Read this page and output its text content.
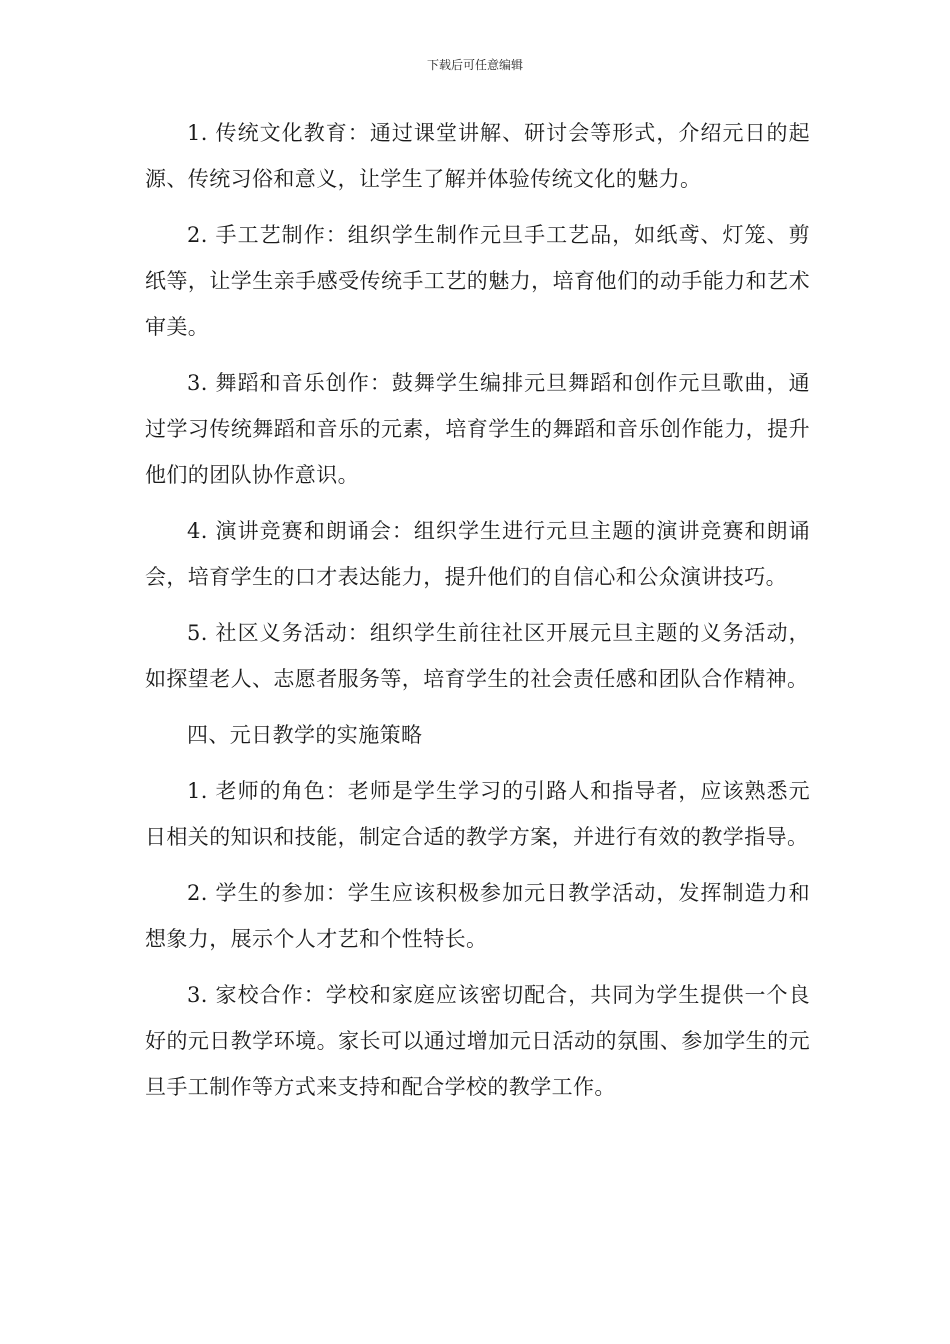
下载后可任意编辑

1. 传统文化教育：通过课堂讲解、研讨会等形式，介绍元日的起源、传统习俗和意义，让学生了解并体验传统文化的魅力。

2. 手工艺制作：组织学生制作元旦手工艺品，如纸鸢、灯笼、剪纸等，让学生亲手感受传统手工艺的魅力，培育他们的动手能力和艺术审美。

3. 舞蹈和音乐创作：鼓舞学生编排元旦舞蹈和创作元旦歌曲，通过学习传统舞蹈和音乐的元素，培育学生的舞蹈和音乐创作能力，提升他们的团队协作意识。

4. 演讲竞赛和朗诵会：组织学生进行元旦主题的演讲竞赛和朗诵会，培育学生的口才表达能力，提升他们的自信心和公众演讲技巧。

5. 社区义务活动：组织学生前往社区开展元旦主题的义务活动，如探望老人、志愿者服务等，培育学生的社会责任感和团队合作精神。

四、元日教学的实施策略

1. 老师的角色：老师是学生学习的引路人和指导者，应该熟悉元日相关的知识和技能，制定合适的教学方案，并进行有效的教学指导。

2. 学生的参加：学生应该积极参加元日教学活动，发挥制造力和想象力，展示个人才艺和个性特长。

3. 家校合作：学校和家庭应该密切配合，共同为学生提供一个良好的元日教学环境。家长可以通过增加元日活动的氛围、参加学生的元旦手工制作等方式来支持和配合学校的教学工作。
